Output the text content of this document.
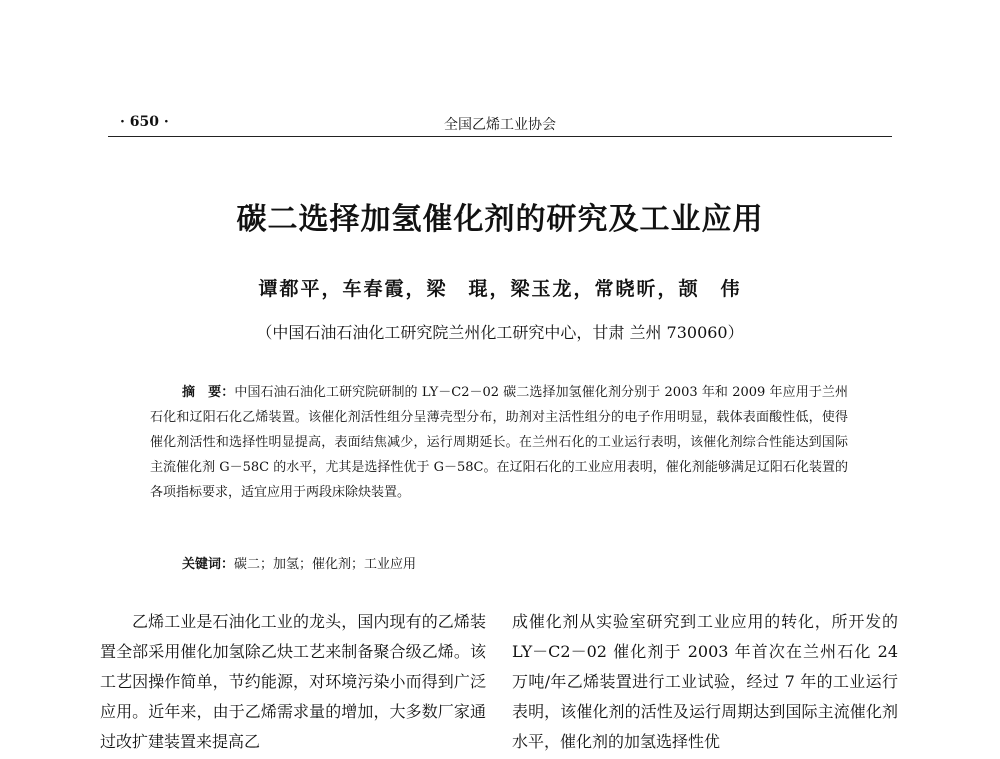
· 650 ·	全国乙烯工业协会
碳二选择加氢催化剂的研究及工业应用
谭都平，车春霞，梁　琨，梁玉龙，常晓昕，颉　伟
（中国石油石油化工研究院兰州化工研究中心，甘肃 兰州 730060）
摘　要：中国石油石油化工研究院研制的 LY－C2－02 碳二选择加氢催化剂分别于 2003 年和 2009 年应用于兰州石化和辽阳石化乙烯装置。该催化剂活性组分呈薄壳型分布，助剂对主活性组分的电子作用明显，载体表面酸性低，使得催化剂活性和选择性明显提高，表面结焦减少，运行周期延长。在兰州石化的工业运行表明，该催化剂综合性能达到国际主流催化剂 G－58C 的水平，尤其是选择性优于 G－58C。在辽阳石化的工业应用表明，催化剂能够满足辽阳石化装置的各项指标要求，适宜应用于两段床除炔装置。
关键词：碳二；加氢；催化剂；工业应用
乙烯工业是石油化工业的龙头，国内现有的乙烯装置全部采用催化加氢除乙炔工艺来制备聚合级乙烯。该工艺因操作简单，节约能源，对环境污染小而得到广泛应用。近年来，由于乙烯需求量的增加，大多数厂家通过改扩建装置来提高乙
成催化剂从实验室研究到工业应用的转化，所开发的 LY－C2－02 催化剂于 2003 年首次在兰州石化 24 万吨/年乙烯装置进行工业试验，经过 7 年的工业运行表明，该催化剂的活性及运行周期达到国际主流催化剂水平，催化剂的加氢选择性优
